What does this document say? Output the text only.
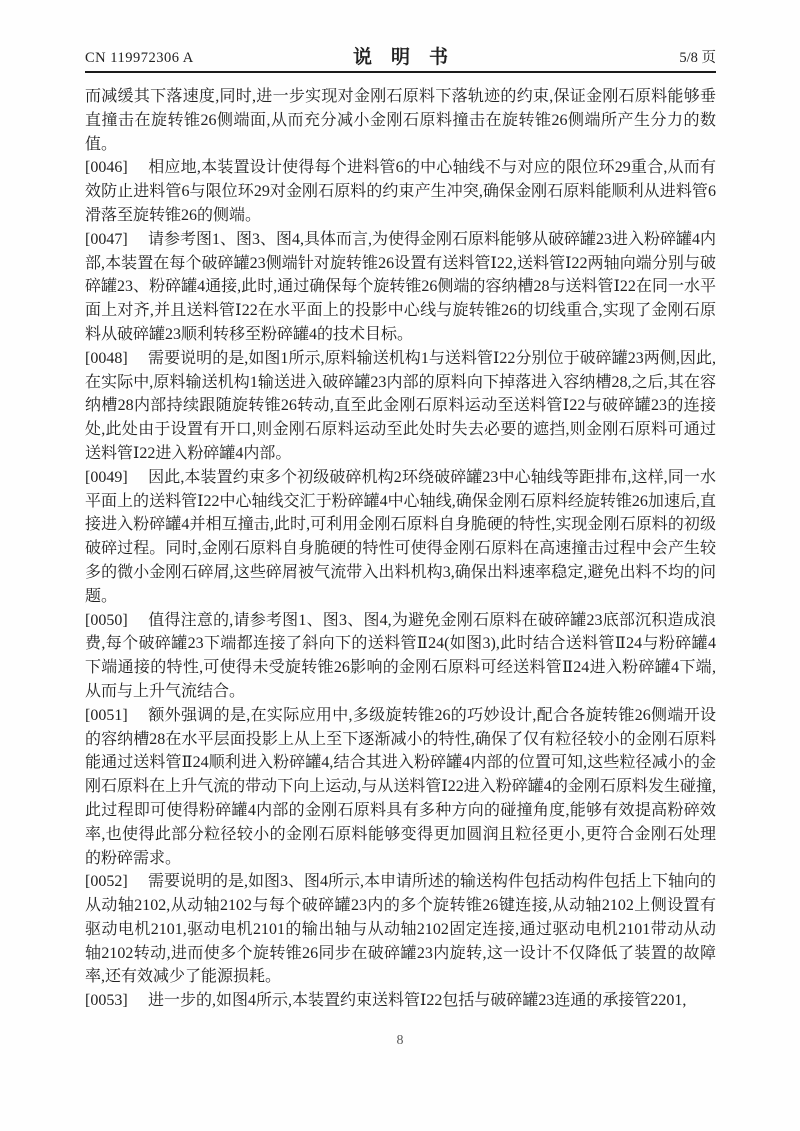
CN 119972306 A	说　明　书	5/8 页

而减缓其下落速度,同时,进一步实现对金刚石原料下落轨迹的约束,保证金刚石原料能够垂直撞击在旋转锥26侧端面,从而充分减小金刚石原料撞击在旋转锥26侧端所产生分力的数值。

[0046] 相应地,本装置设计使得每个进料管6的中心轴线不与对应的限位环29重合,从而有效防止进料管6与限位环29对金刚石原料的约束产生冲突,确保金刚石原料能顺利从进料管6滑落至旋转锥26的侧端。

[0047] 请参考图1、图3、图4,具体而言,为使得金刚石原料能够从破碎罐23进入粉碎罐4内部,本装置在每个破碎罐23侧端针对旋转锥26设置有送料管Ⅰ22,送料管Ⅰ22两轴向端分别与破碎罐23、粉碎罐4通接,此时,通过确保每个旋转锥26侧端的容纳槽28与送料管Ⅰ22在同一水平面上对齐,并且送料管Ⅰ22在水平面上的投影中心线与旋转锥26的切线重合,实现了金刚石原料从破碎罐23顺利转移至粉碎罐4的技术目标。

[0048] 需要说明的是,如图1所示,原料输送机构1与送料管Ⅰ22分别位于破碎罐23两侧,因此,在实际中,原料输送机构1输送进入破碎罐23内部的原料向下掉落进入容纳槽28,之后,其在容纳槽28内部持续跟随旋转锥26转动,直至此金刚石原料运动至送料管Ⅰ22与破碎罐23的连接处,此处由于设置有开口,则金刚石原料运动至此处时失去必要的遮挡,则金刚石原料可通过送料管Ⅰ22进入粉碎罐4内部。

[0049] 因此,本装置约束多个初级破碎机构2环绕破碎罐23中心轴线等距排布,这样,同一水平面上的送料管Ⅰ22中心轴线交汇于粉碎罐4中心轴线,确保金刚石原料经旋转锥26加速后,直接进入粉碎罐4并相互撞击,此时,可利用金刚石原料自身脆硬的特性,实现金刚石原料的初级破碎过程。同时,金刚石原料自身脆硬的特性可使得金刚石原料在高速撞击过程中会产生较多的微小金刚石碎屑,这些碎屑被气流带入出料机构3,确保出料速率稳定,避免出料不均的问题。

[0050] 值得注意的,请参考图1、图3、图4,为避免金刚石原料在破碎罐23底部沉积造成浪费,每个破碎罐23下端都连接了斜向下的送料管Ⅱ24(如图3),此时结合送料管Ⅱ24与粉碎罐4下端通接的特性,可使得未受旋转锥26影响的金刚石原料可经送料管Ⅱ24进入粉碎罐4下端,从而与上升气流结合。

[0051] 额外强调的是,在实际应用中,多级旋转锥26的巧妙设计,配合各旋转锥26侧端开设的容纳槽28在水平层面投影上从上至下逐渐减小的特性,确保了仅有粒径较小的金刚石原料能通过送料管Ⅱ24顺利进入粉碎罐4,结合其进入粉碎罐4内部的位置可知,这些粒径减小的金刚石原料在上升气流的带动下向上运动,与从送料管Ⅰ22进入粉碎罐4的金刚石原料发生碰撞,此过程即可使得粉碎罐4内部的金刚石原料具有多种方向的碰撞角度,能够有效提高粉碎效率,也使得此部分粒径较小的金刚石原料能够变得更加圆润且粒径更小,更符合金刚石处理的粉碎需求。

[0052] 需要说明的是,如图3、图4所示,本申请所述的输送构件包括动构件包括上下轴向的从动轴2102,从动轴2102与每个破碎罐23内的多个旋转锥26键连接,从动轴2102上侧设置有驱动电机2101,驱动电机2101的输出轴与从动轴2102固定连接,通过驱动电机2101带动从动轴2102转动,进而使多个旋转锥26同步在破碎罐23内旋转,这一设计不仅降低了装置的故障率,还有效减少了能源损耗。

[0053] 进一步的,如图4所示,本装置约束送料管Ⅰ22包括与破碎罐23连通的承接管2201,

8
